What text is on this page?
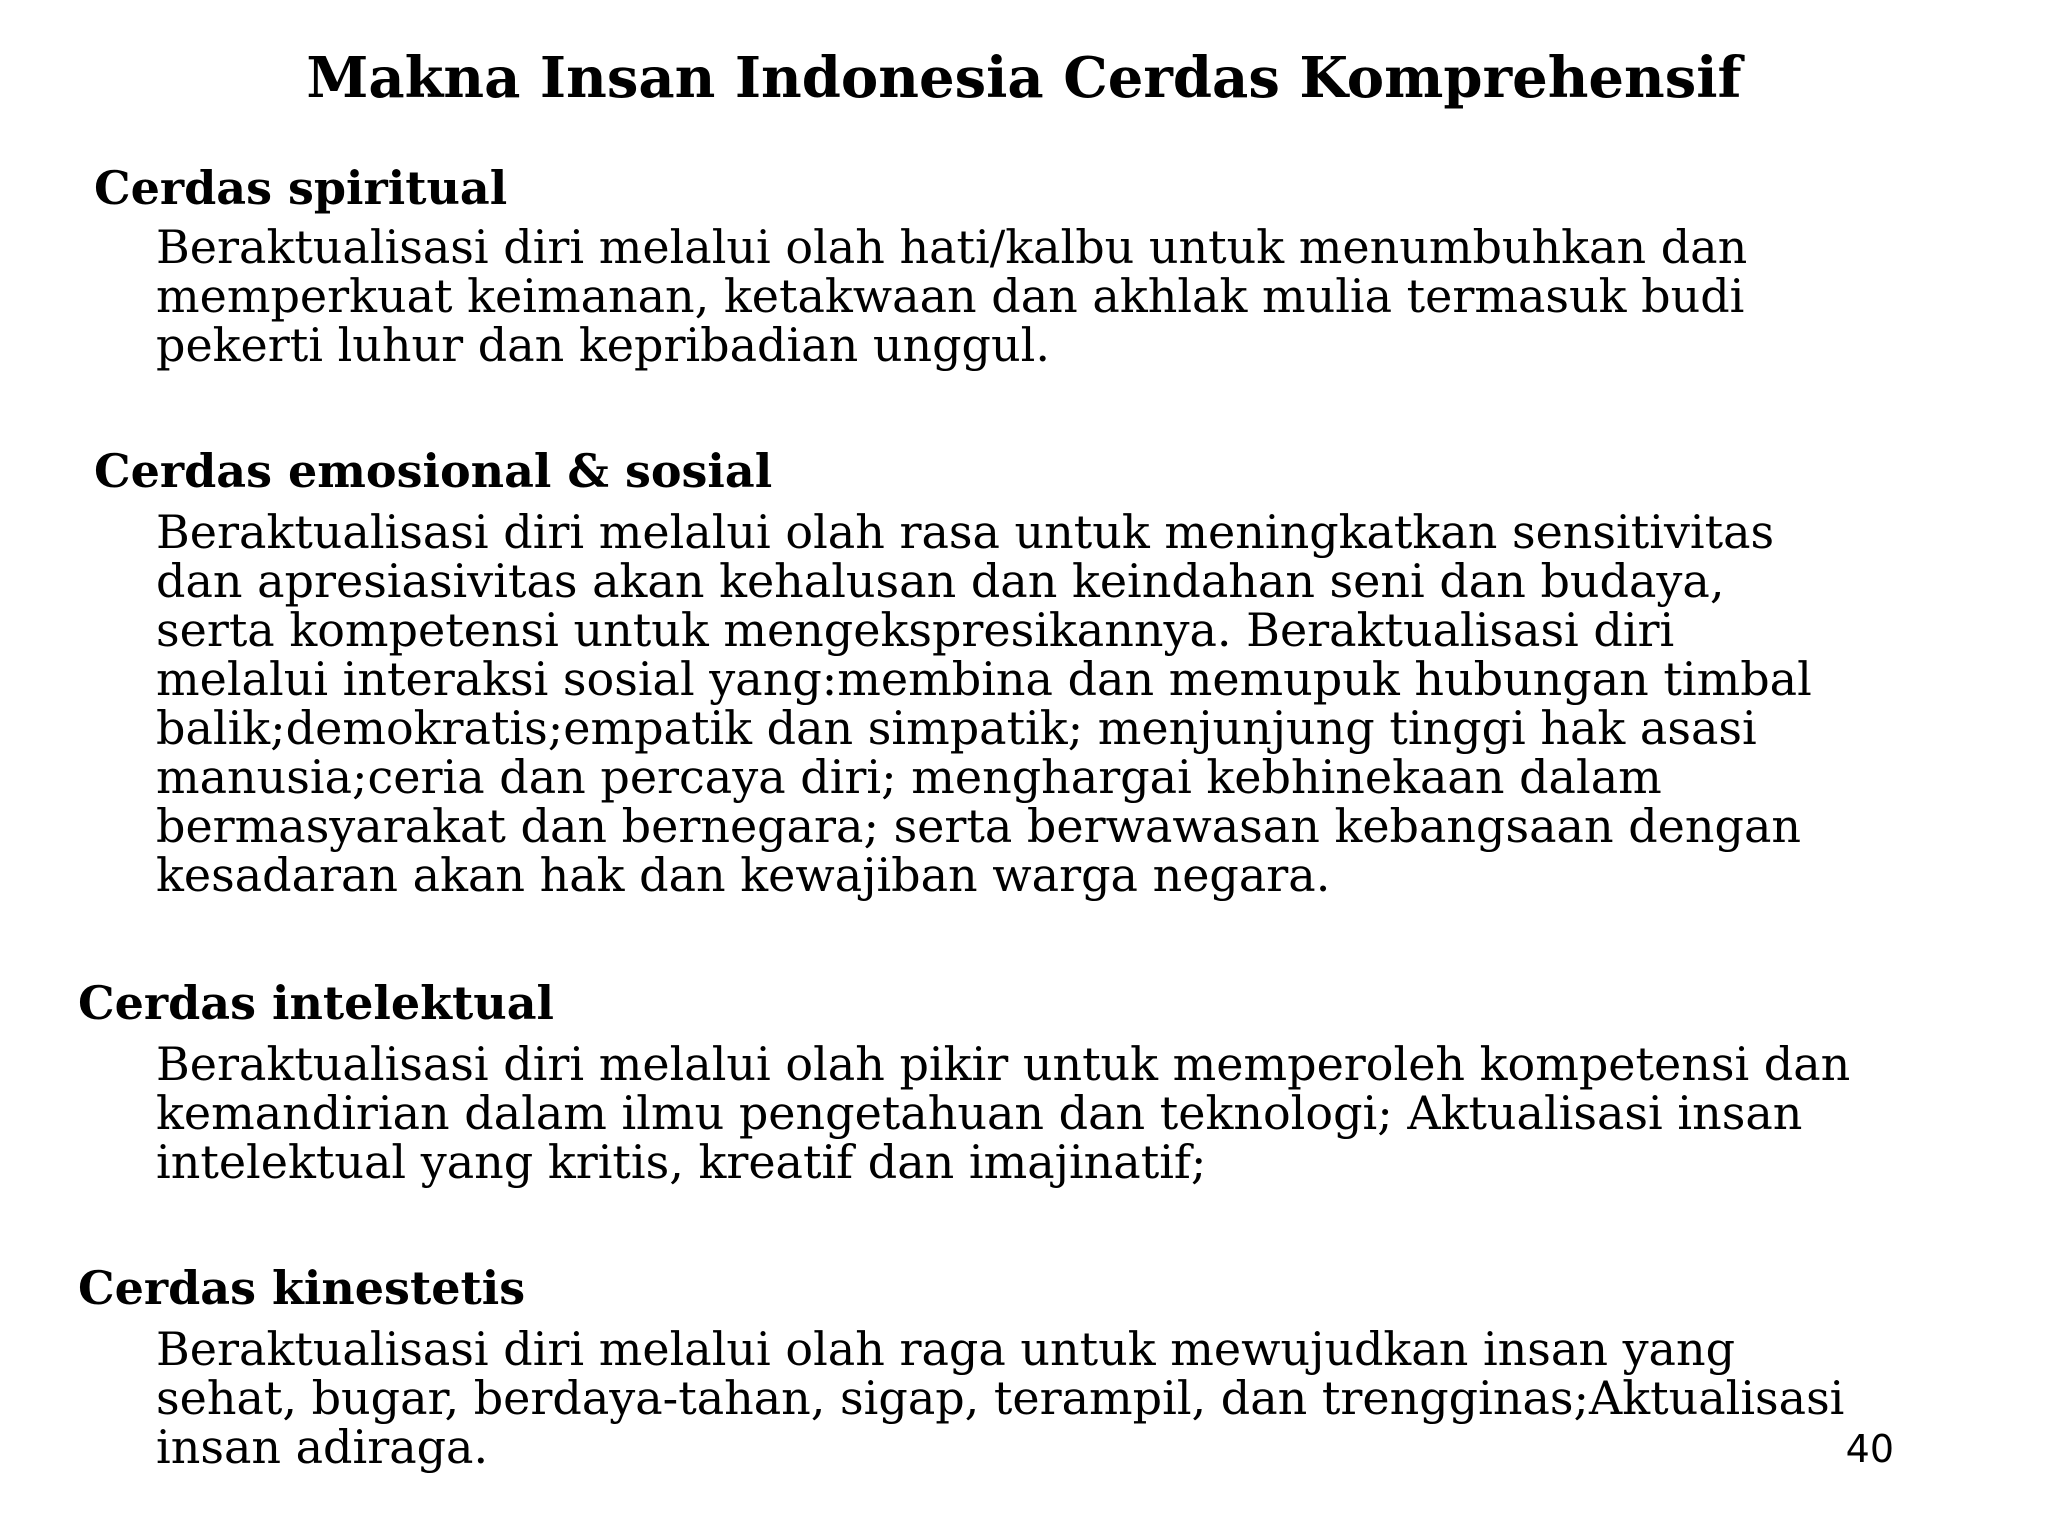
Makna Insan Indonesia Cerdas Komprehensif

Cerdas spiritual

Beraktualisasi diri melalui olah hati/kalbu untuk menumbuhkan dan
memperkuat keimanan, ketakwaan dan akhlak mulia termasuk budi
pekerti luhur dan kepribadian unggul.

Cerdas emosional & sosial

Beraktualisasi diri melalui olah rasa untuk meningkatkan sensitivitas
dan apresiasivitas akan kehalusan dan keindahan seni dan budaya,
serta kompetensi untuk mengekspresikannya. Beraktualisasi diri
melalui interaksi sosial yang:membina dan memupuk hubungan timbal
balik;demokratis;empatik dan simpatik; menjunjung tinggi hak asasi
manusia;ceria dan percaya diri; menghargai kebhinekaan dalam
bermasyarakat dan bernegara; serta berwawasan kebangsaan dengan
kesadaran akan hak dan kewajiban warga negara.

Cerdas intelektual

Beraktualisasi diri melalui olah pikir untuk memperoleh kompetensi dan
kemandirian dalam ilmu pengetahuan dan teknologi; Aktualisasi insan
intelektual yang kritis, kreatif dan imajinatif;

Cerdas kinestetis

Beraktualisasi diri melalui olah raga untuk mewujudkan insan yang
sehat, bugar, berdaya-tahan, sigap, terampil, dan trengginas;Aktualisasi
insan adiraga.	40
